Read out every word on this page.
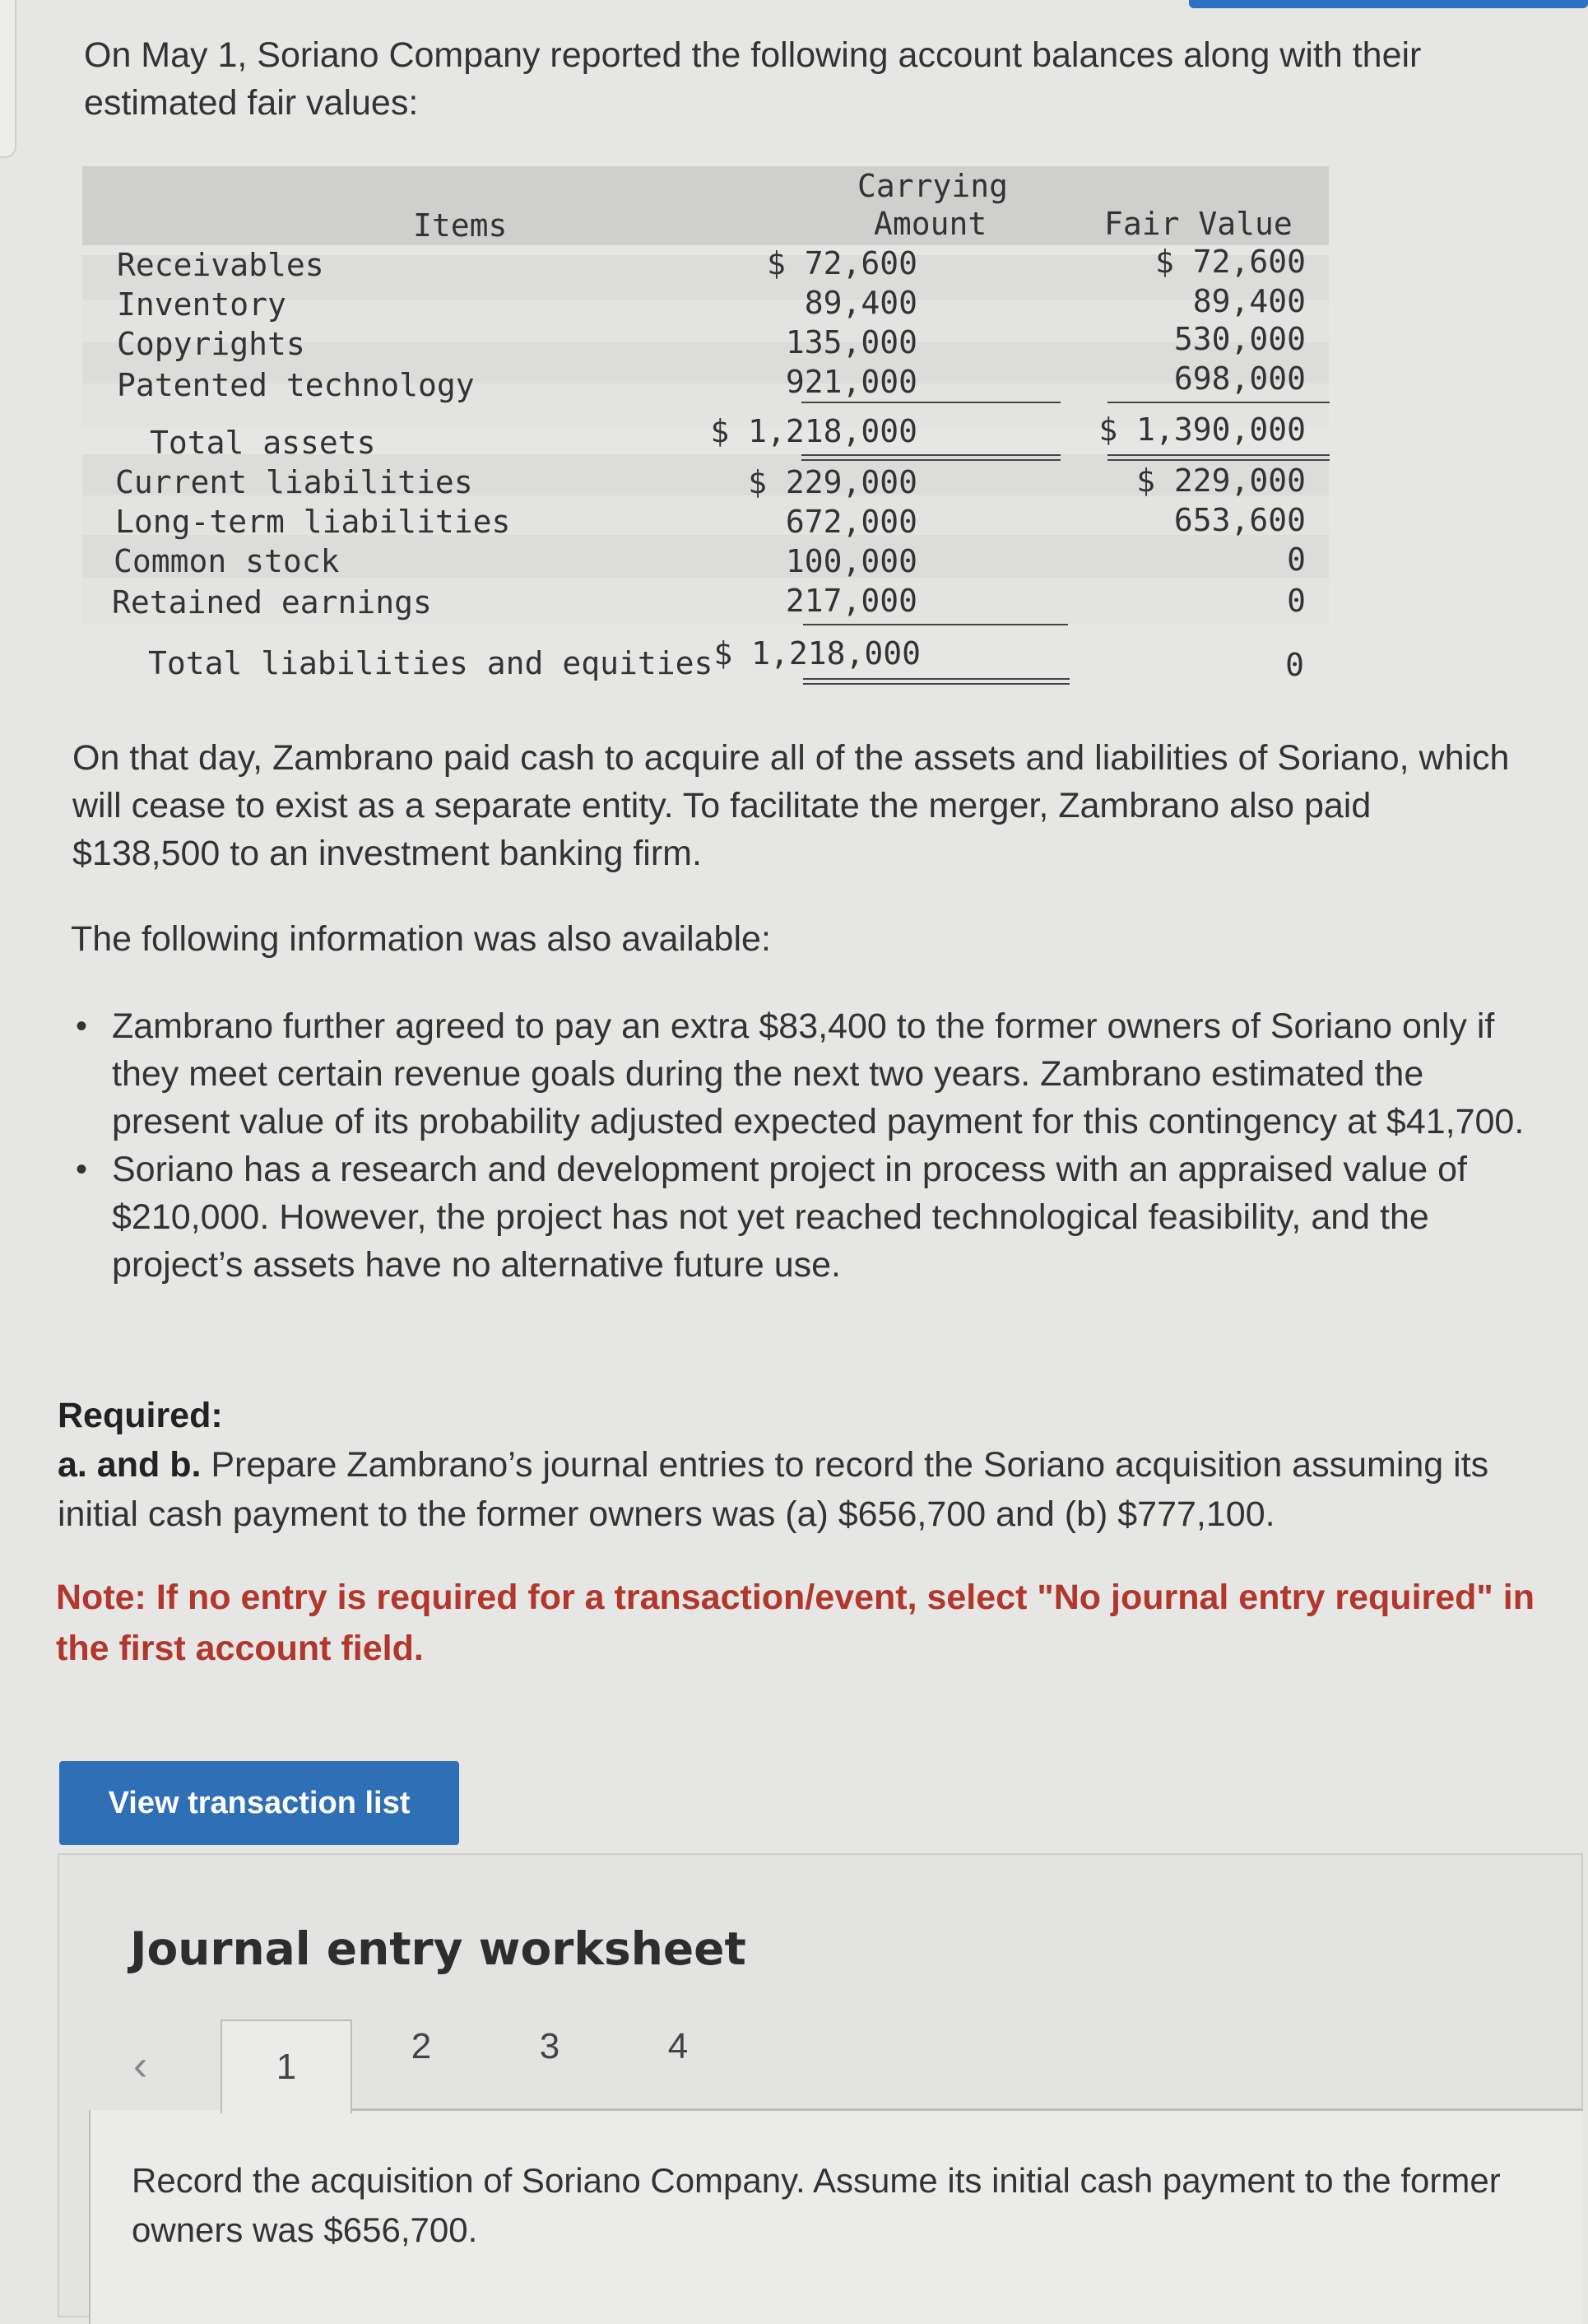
On May 1, Soriano Company reported the following account balances along with their estimated fair values:
Items
Carrying
Amount	Fair Value
Receivables	$ 72,600	$ 72,600
Inventory	89,400	89,400
Copyrights	135,000	530,000
Patented technology	921,000	698,000
Total assets	$ 1,218,000	$ 1,390,000
Current liabilities	$ 229,000	$ 229,000
Long-term liabilities	672,000	653,600
Common stock	100,000	0
Retained earnings	217,000	0
Total liabilities and equities $ 1,218,000	0
On that day, Zambrano paid cash to acquire all of the assets and liabilities of Soriano, which will cease to exist as a separate entity. To facilitate the merger, Zambrano also paid $138,500 to an investment banking firm.
The following information was also available:
• Zambrano further agreed to pay an extra $83,400 to the former owners of Soriano only if they meet certain revenue goals during the next two years. Zambrano estimated the present value of its probability adjusted expected payment for this contingency at $41,700.
• Soriano has a research and development project in process with an appraised value of $210,000. However, the project has not yet reached technological feasibility, and the project’s assets have no alternative future use.
Required:
a. and b. Prepare Zambrano’s journal entries to record the Soriano acquisition assuming its initial cash payment to the former owners was (a) $656,700 and (b) $777,100.
Note: If no entry is required for a transaction/event, select "No journal entry required" in the first account field.
View transaction list
Journal entry worksheet
‹	1
2	3	4
Record the acquisition of Soriano Company. Assume its initial cash payment to the former owners was $656,700.
